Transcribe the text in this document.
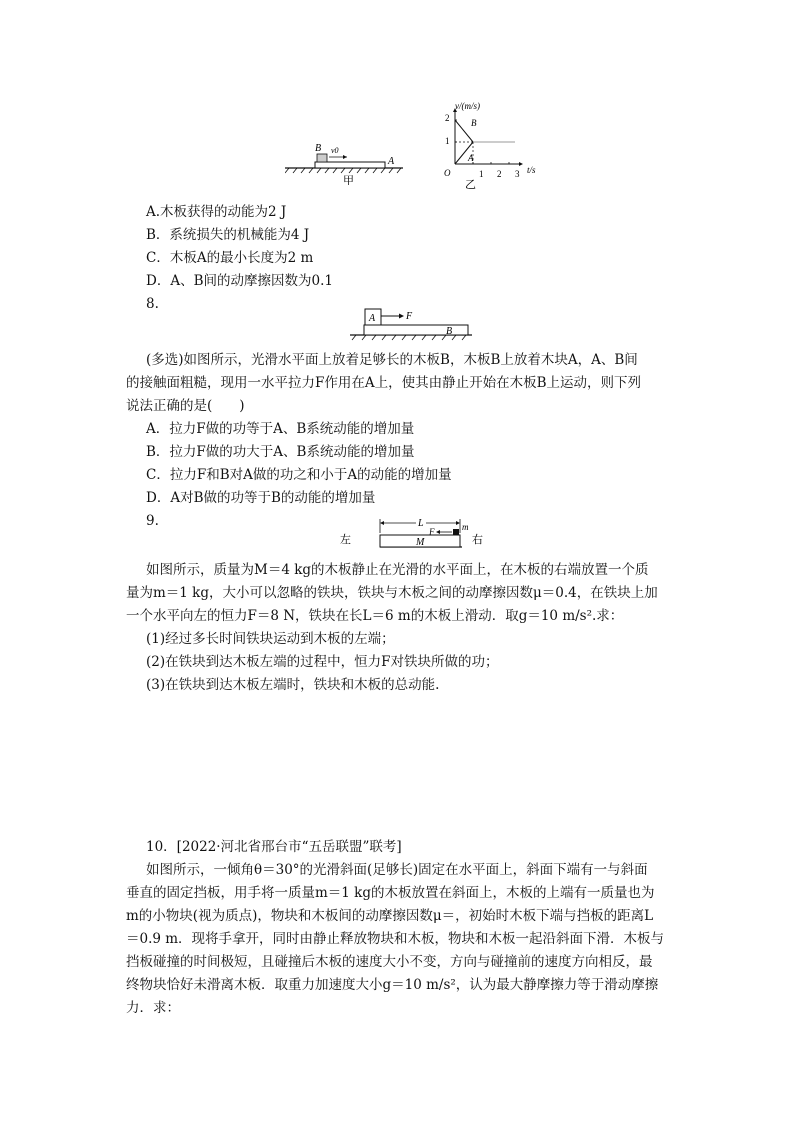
B v0
A
甲
v/(m/s)
t/s
O
2
1
1 2 3
B
A
乙
A.木板获得的动能为2 J
B．系统损失的机械能为4 J
C．木板A的最小长度为2 m
D．A、B间的动摩擦因数为0.1
8.
A	F
B
(多选)如图所示，光滑水平面上放着足够长的木板B，木板B上放着木块A，A、B间
的接触面粗糙，现用一水平拉力F作用在A上，使其由静止开始在木板B上运动，则下列
说法正确的是(　　)
A．拉力F做的功等于A、B系统动能的增加量
B．拉力F做的功大于A、B系统动能的增加量
C．拉力F和B对A做的功之和小于A的动能的增加量
D．A对B做的功等于B的动能的增加量
9.
左	右
L
F	m
M
如图所示，质量为M＝4 kg的木板静止在光滑的水平面上，在木板的右端放置一个质
量为m＝1 kg，大小可以忽略的铁块，铁块与木板之间的动摩擦因数μ＝0.4，在铁块上加
一个水平向左的恒力F＝8 N，铁块在长L＝6 m的木板上滑动．取g＝10 m/s².求：
(1)经过多长时间铁块运动到木板的左端；
(2)在铁块到达木板左端的过程中，恒力F对铁块所做的功；
(3)在铁块到达木板左端时，铁块和木板的总动能.
10．[2022·河北省邢台市“五岳联盟”联考]
如图所示，一倾角θ＝30°的光滑斜面(足够长)固定在水平面上，斜面下端有一与斜面
垂直的固定挡板，用手将一质量m＝1 kg的木板放置在斜面上，木板的上端有一质量也为
m的小物块(视为质点)，物块和木板间的动摩擦因数μ＝，初始时木板下端与挡板的距离L
＝0.9 m．现将手拿开，同时由静止释放物块和木板，物块和木板一起沿斜面下滑．木板与
挡板碰撞的时间极短，且碰撞后木板的速度大小不变，方向与碰撞前的速度方向相反，最
终物块恰好未滑离木板．取重力加速度大小g＝10 m/s²，认为最大静摩擦力等于滑动摩擦
力．求：
